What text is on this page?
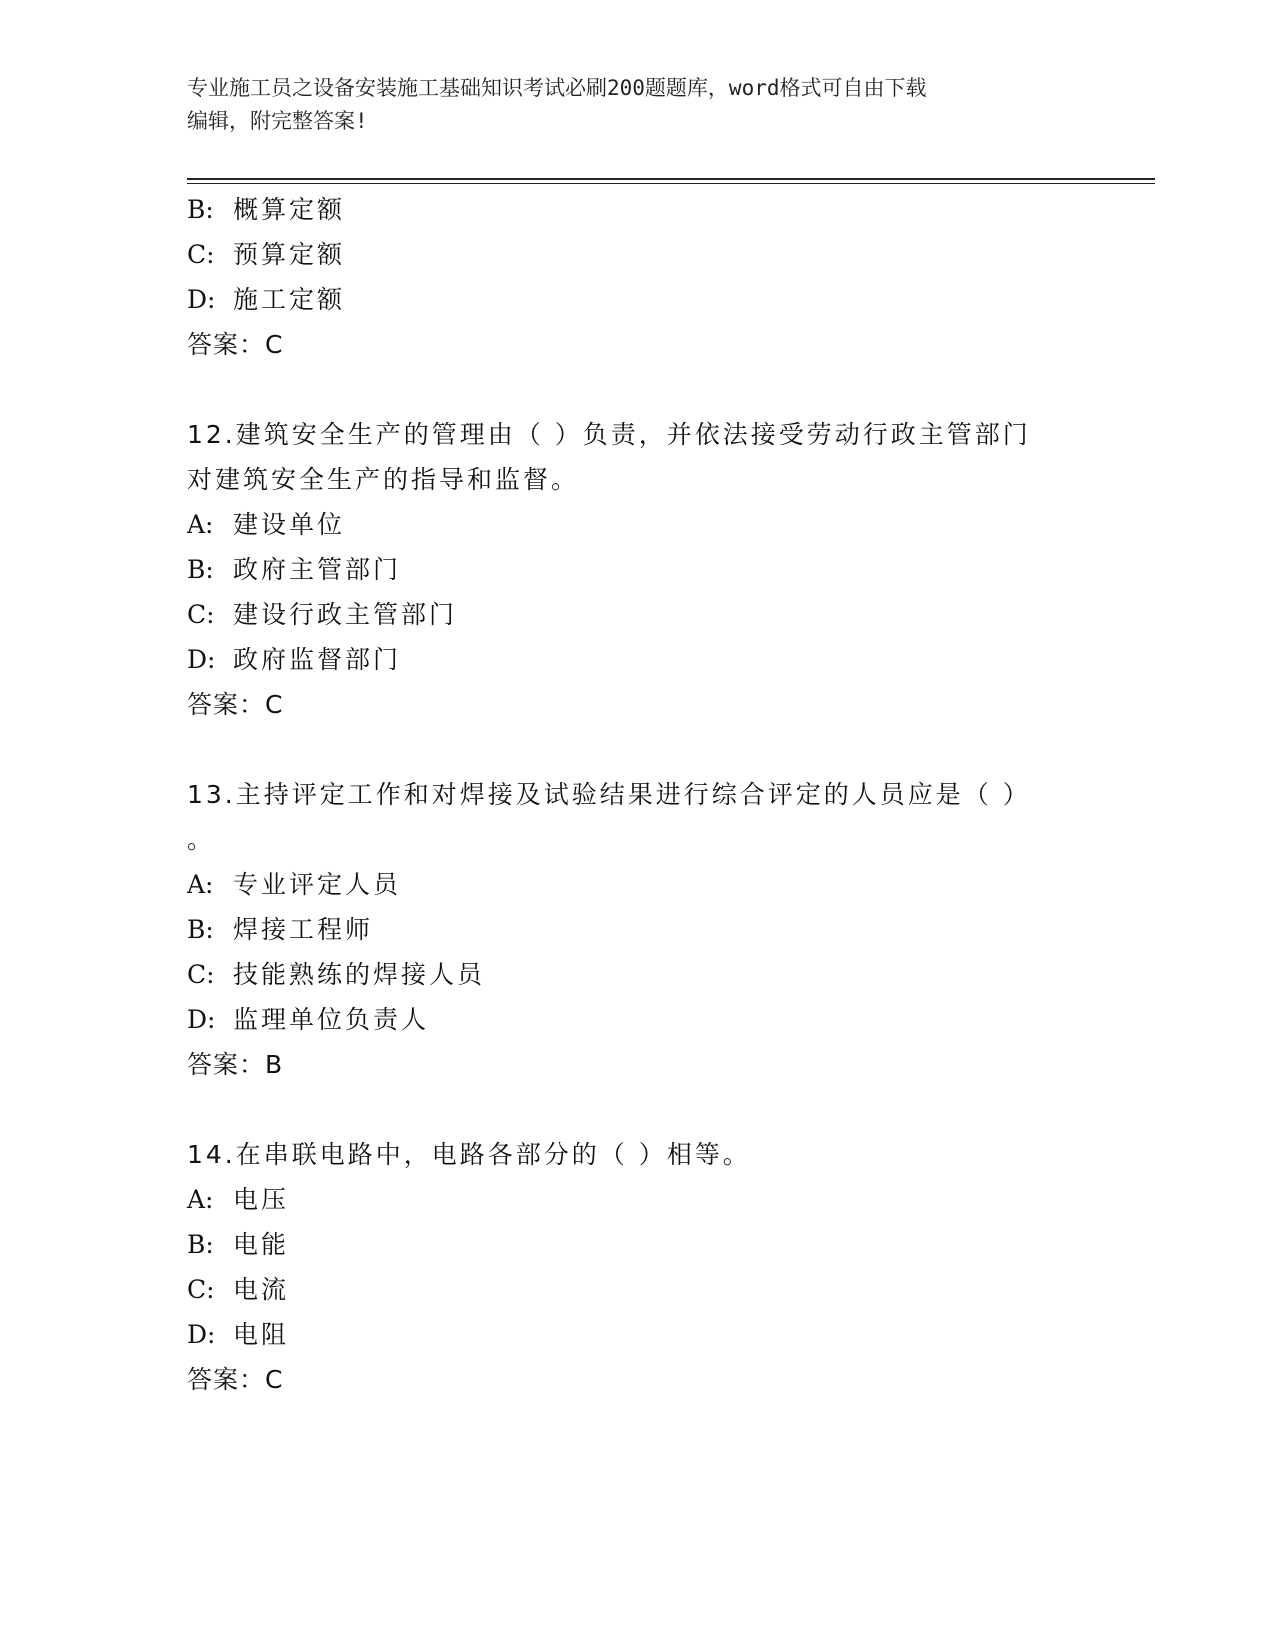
专业施工员之设备安装施工基础知识考试必刷200题题库，word格式可自由下载
编辑，附完整答案!
B: 概算定额
C: 预算定额
D: 施工定额
答案：C
12.建筑安全生产的管理由（ ）负责，并依法接受劳动行政主管部门
对建筑安全生产的指导和监督。
A: 建设单位
B: 政府主管部门
C: 建设行政主管部门
D: 政府监督部门
答案：C
13.主持评定工作和对焊接及试验结果进行综合评定的人员应是（ ）
。
A: 专业评定人员
B: 焊接工程师
C: 技能熟练的焊接人员
D: 监理单位负责人
答案：B
14.在串联电路中，电路各部分的（ ）相等。
A: 电压
B: 电能
C: 电流
D: 电阻
答案：C
